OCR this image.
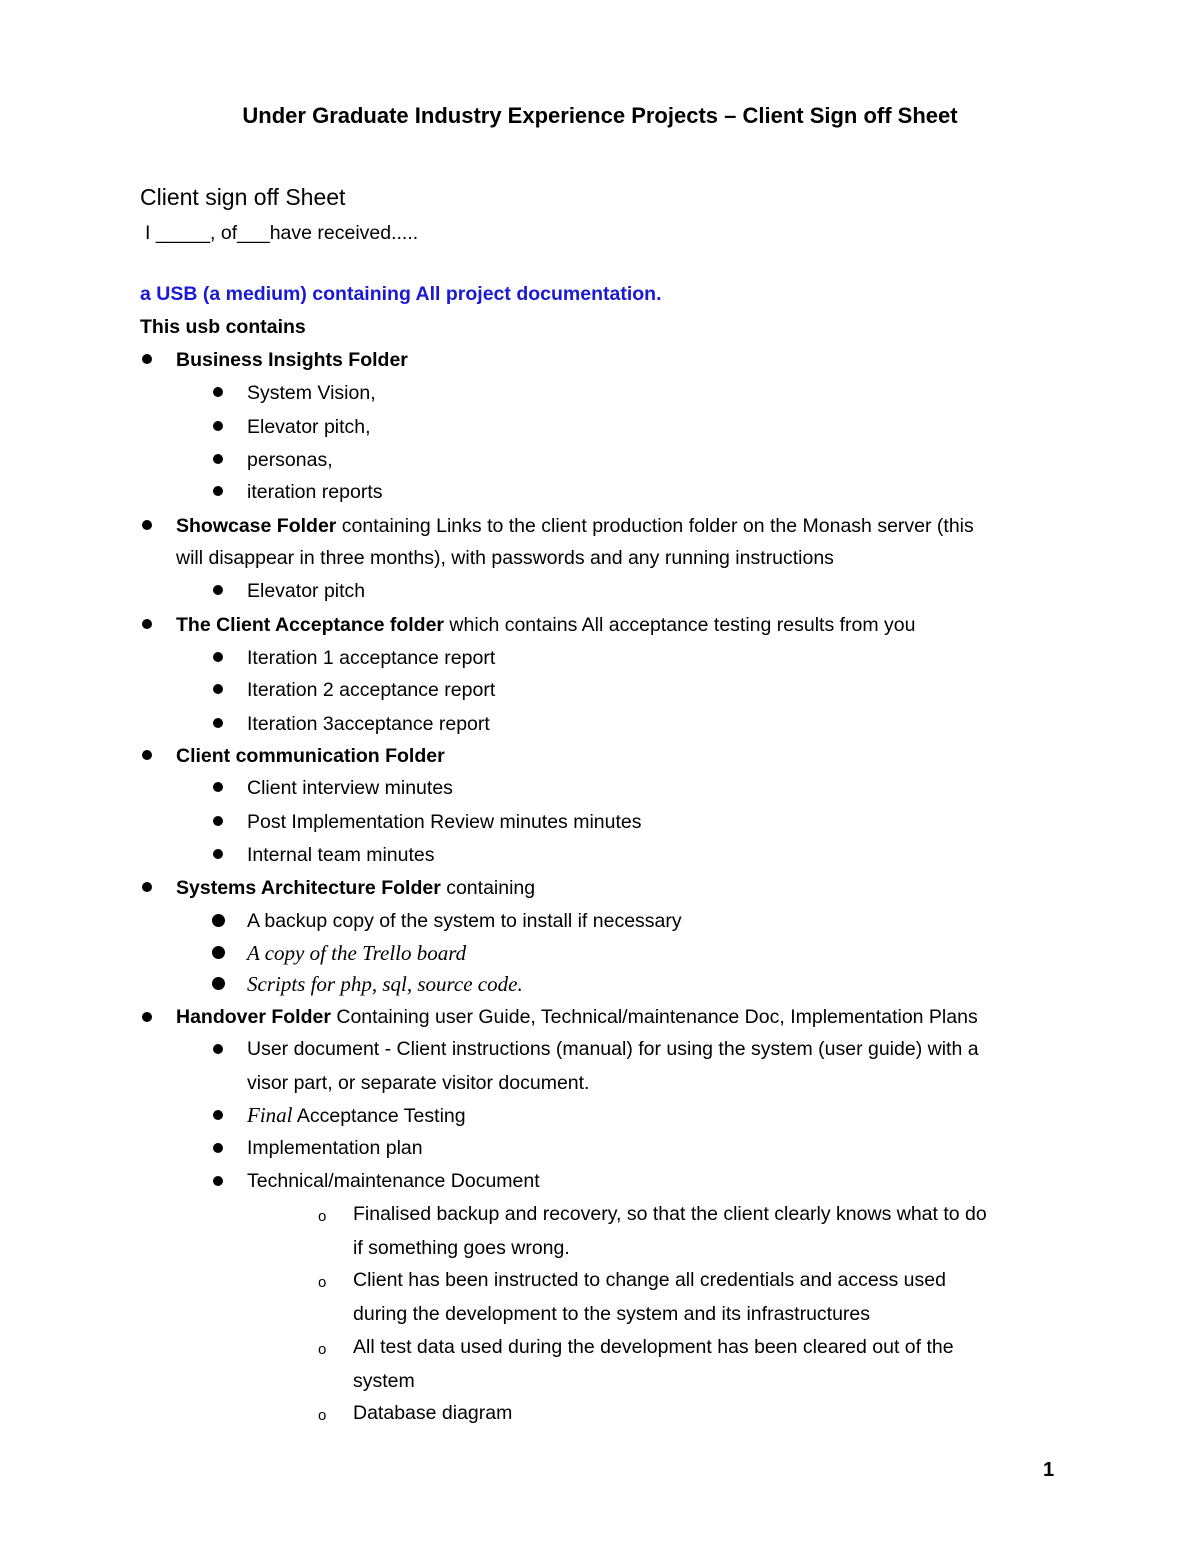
Under Graduate Industry Experience Projects – Client Sign off Sheet
Client sign off Sheet
I _____, of___have received.....
a USB (a medium) containing All project documentation.
This usb contains
Business Insights Folder
System Vision,
Elevator pitch,
personas,
iteration reports
Showcase Folder containing Links to the client production folder on the Monash server (this
will disappear in three months), with passwords and any running instructions
Elevator pitch
The Client Acceptance folder which contains All acceptance testing results from you
Iteration 1 acceptance report
Iteration 2 acceptance report
Iteration 3acceptance report
Client communication Folder
Client interview minutes
Post Implementation Review minutes minutes
Internal team minutes
Systems Architecture Folder containing
A backup copy of the system to install if necessary
A copy of the Trello board
Scripts for php, sql, source code.
Handover Folder Containing user Guide, Technical/maintenance Doc, Implementation Plans
User document - Client instructions (manual) for using the system (user guide) with a
visor part, or separate visitor document.
Final Acceptance Testing
Implementation plan
Technical/maintenance Document
o Finalised backup and recovery, so that the client clearly knows what to do
if something goes wrong.
o Client has been instructed to change all credentials and access used
during the development to the system and its infrastructures
o All test data used during the development has been cleared out of the
system
o Database diagram
1
